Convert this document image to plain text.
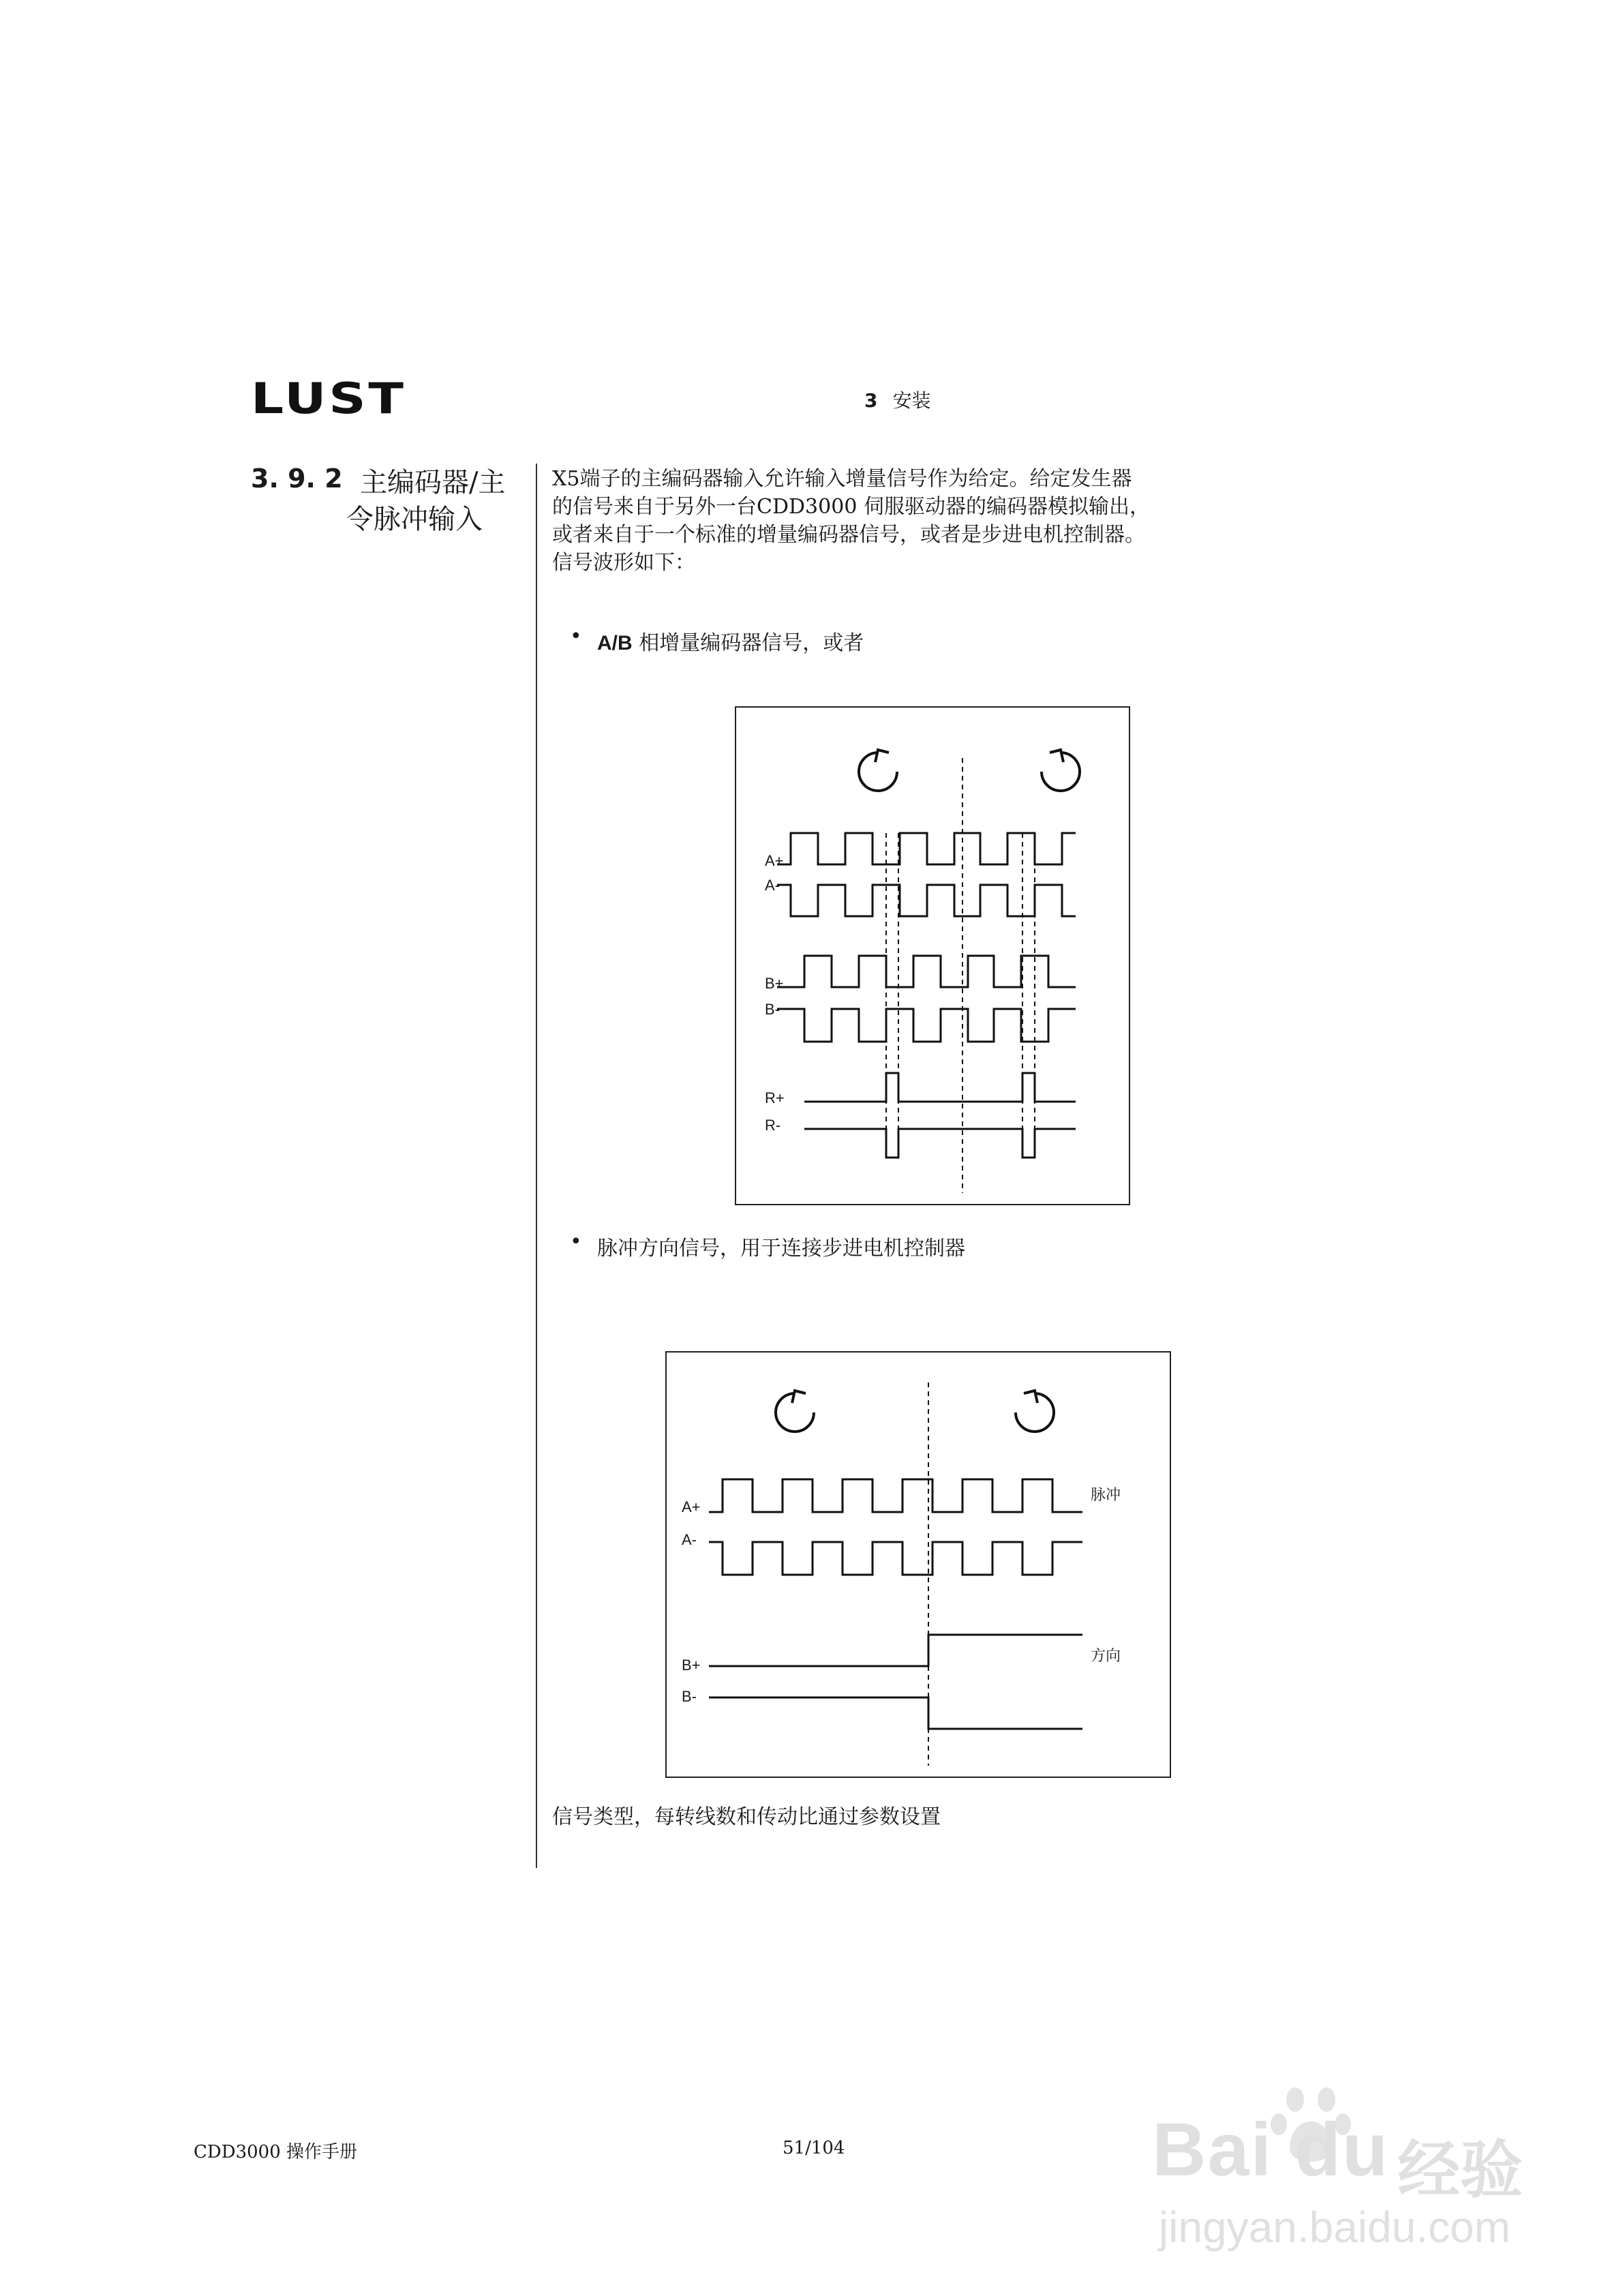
LUST	3 安装
3. 9. 2 主编码器/主
令脉冲输入
X5端子的主编码器输入允许输入增量信号作为给定。给定发生器
的信号来自于另外一台CDD3000 伺服驱动器的编码器模拟输出，
或者来自于一个标准的增量编码器信号，或者是步进电机控制器。
信号波形如下：
• A/B 相增量编码器信号，或者
A+
A-
B+
B-
R+
R-
• 脉冲方向信号，用于连接步进电机控制器
A+
A-
B+
B-
脉冲
方向
信号类型，每转线数和传动比通过参数设置
CDD3000 操作手册	51/104	Bai du 经验
jingyan.baidu.com
